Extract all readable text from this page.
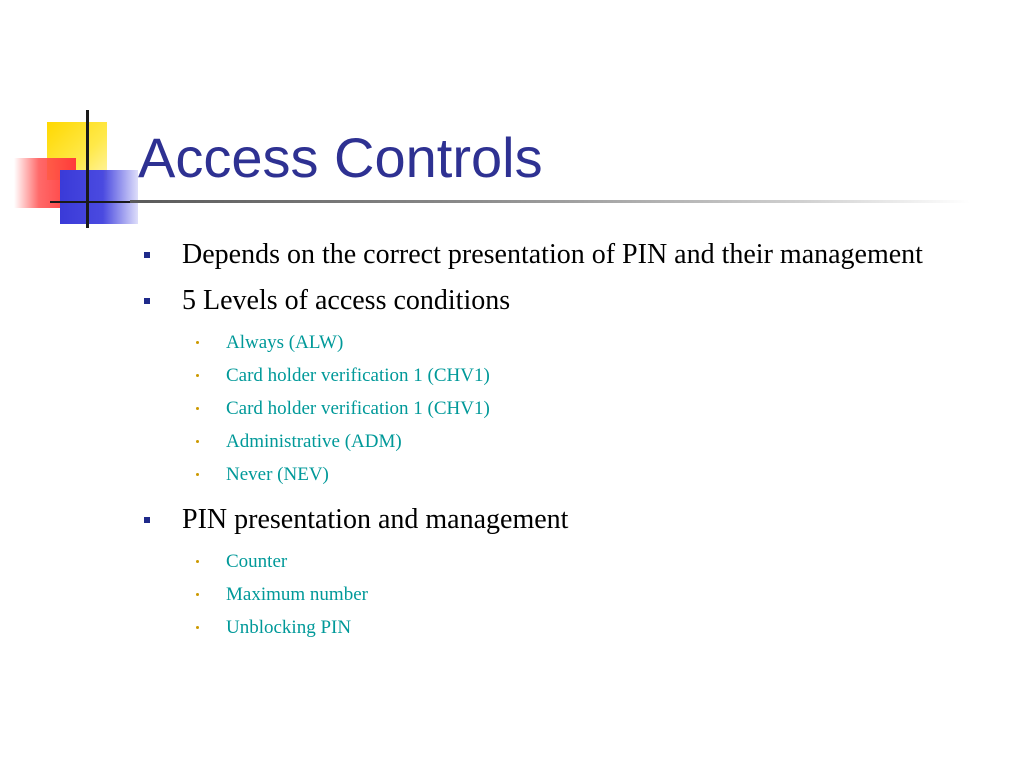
Access Controls
Depends on the correct presentation of PIN and their management
5 Levels of access conditions
Always (ALW)
Card holder verification 1 (CHV1)
Card holder verification 1 (CHV1)
Administrative (ADM)
Never (NEV)
PIN presentation and management
Counter
Maximum number
Unblocking PIN
